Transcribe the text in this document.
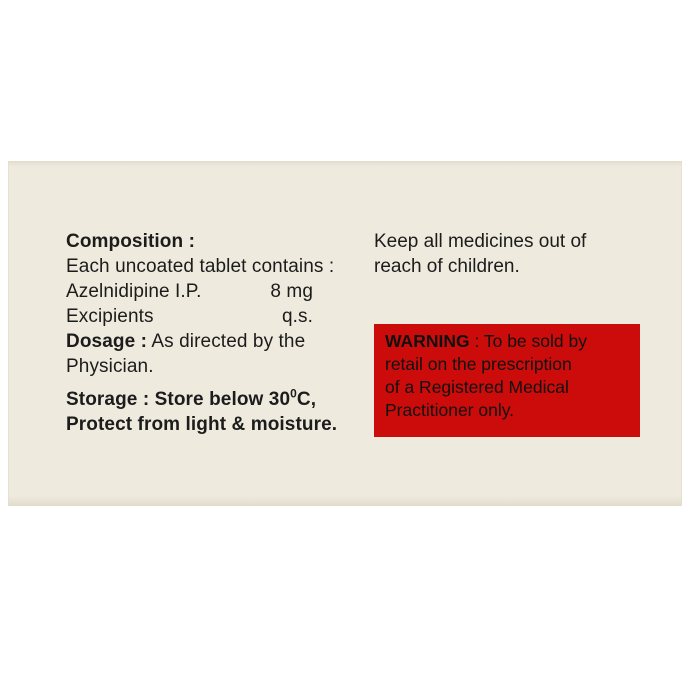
Composition :
Each uncoated tablet contains :
Azelnidipine I.P.	8 mg
Excipients	q.s.
Dosage : As directed by the
Physician.
Storage : Store below $30^0C$,
Protect from light & moisture.
Keep all medicines out of
reach of children.
WARNING : To be sold by
retail on the prescription
of a Registered Medical
Practitioner only.
